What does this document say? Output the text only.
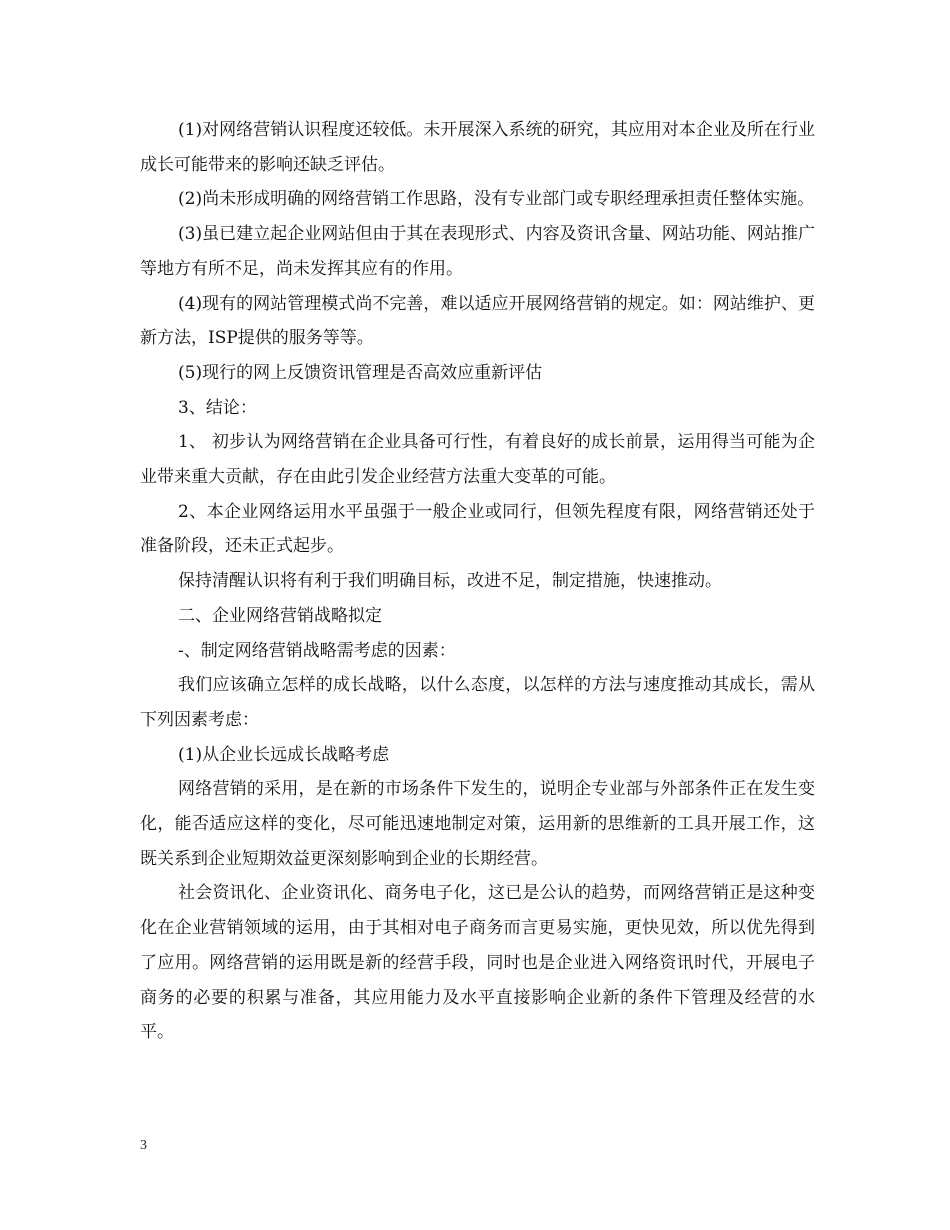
(1)对网络营销认识程度还较低。未开展深入系统的研究，其应用对本企业及所在行业成长可能带来的影响还缺乏评估。

(2)尚未形成明确的网络营销工作思路，没有专业部门或专职经理承担责任整体实施。

(3)虽已建立起企业网站但由于其在表现形式、内容及资讯含量、网站功能、网站推广等地方有所不足，尚未发挥其应有的作用。

(4)现有的网站管理模式尚不完善，难以适应开展网络营销的规定。如：网站维护、更新方法，ISP提供的服务等等。

(5)现行的网上反馈资讯管理是否高效应重新评估

3、结论：

1、 初步认为网络营销在企业具备可行性，有着良好的成长前景，运用得当可能为企业带来重大贡献，存在由此引发企业经营方法重大变革的可能。

2、本企业网络运用水平虽强于一般企业或同行，但领先程度有限，网络营销还处于准备阶段，还未正式起步。

保持清醒认识将有利于我们明确目标，改进不足，制定措施，快速推动。

二、企业网络营销战略拟定

-、制定网络营销战略需考虑的因素：

我们应该确立怎样的成长战略，以什么态度，以怎样的方法与速度推动其成长，需从下列因素考虑：

(1)从企业长远成长战略考虑

网络营销的采用，是在新的市场条件下发生的，说明企专业部与外部条件正在发生变化，能否适应这样的变化，尽可能迅速地制定对策，运用新的思维新的工具开展工作，这既关系到企业短期效益更深刻影响到企业的长期经营。

社会资讯化、企业资讯化、商务电子化，这已是公认的趋势，而网络营销正是这种变化在企业营销领域的运用，由于其相对电子商务而言更易实施，更快见效，所以优先得到了应用。网络营销的运用既是新的经营手段，同时也是企业进入网络资讯时代，开展电子商务的必要的积累与准备，其应用能力及水平直接影响企业新的条件下管理及经营的水平。

3
